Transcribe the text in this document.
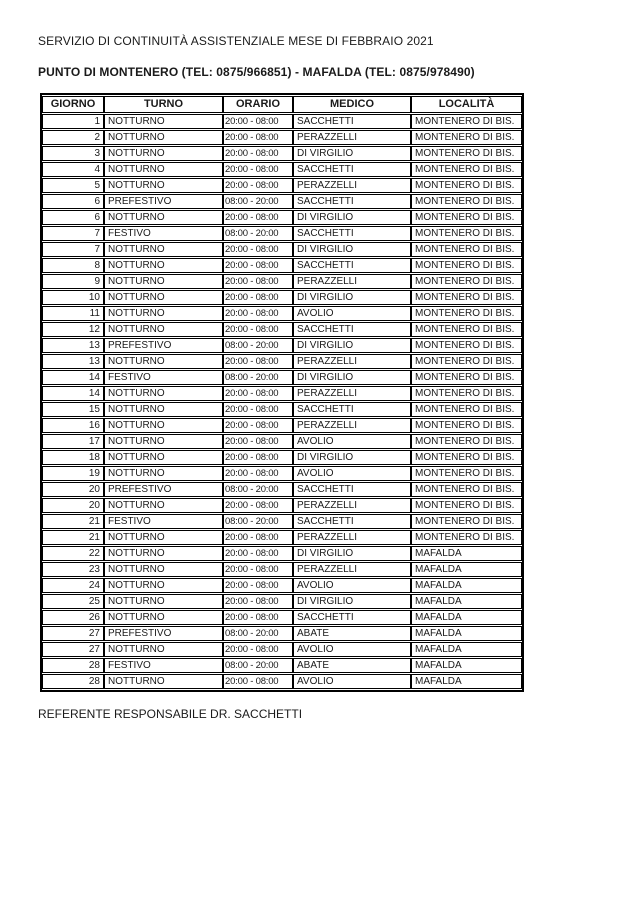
SERVIZIO DI CONTINUITÀ ASSISTENZIALE MESE DI FEBBRAIO 2021
PUNTO DI MONTENERO (TEL: 0875/966851) - MAFALDA (TEL: 0875/978490)
GIORNO	TURNO	ORARIO	MEDICO	LOCALITÀ
1	NOTTURNO	20:00 - 08:00	SACCHETTI	MONTENERO DI BIS.
2	NOTTURNO	20:00 - 08:00	PERAZZELLI	MONTENERO DI BIS.
3	NOTTURNO	20:00 - 08:00	DI VIRGILIO	MONTENERO DI BIS.
4	NOTTURNO	20:00 - 08:00	SACCHETTI	MONTENERO DI BIS.
5	NOTTURNO	20:00 - 08:00	PERAZZELLI	MONTENERO DI BIS.
6	PREFESTIVO	08:00 - 20:00	SACCHETTI	MONTENERO DI BIS.
6	NOTTURNO	20:00 - 08:00	DI VIRGILIO	MONTENERO DI BIS.
7	FESTIVO	08:00 - 20:00	SACCHETTI	MONTENERO DI BIS.
7	NOTTURNO	20:00 - 08:00	DI VIRGILIO	MONTENERO DI BIS.
8	NOTTURNO	20:00 - 08:00	SACCHETTI	MONTENERO DI BIS.
9	NOTTURNO	20:00 - 08:00	PERAZZELLI	MONTENERO DI BIS.
10	NOTTURNO	20:00 - 08:00	DI VIRGILIO	MONTENERO DI BIS.
11	NOTTURNO	20:00 - 08:00	AVOLIO	MONTENERO DI BIS.
12	NOTTURNO	20:00 - 08:00	SACCHETTI	MONTENERO DI BIS.
13	PREFESTIVO	08:00 - 20:00	DI VIRGILIO	MONTENERO DI BIS.
13	NOTTURNO	20:00 - 08:00	PERAZZELLI	MONTENERO DI BIS.
14	FESTIVO	08:00 - 20:00	DI VIRGILIO	MONTENERO DI BIS.
14	NOTTURNO	20:00 - 08:00	PERAZZELLI	MONTENERO DI BIS.
15	NOTTURNO	20:00 - 08:00	SACCHETTI	MONTENERO DI BIS.
16	NOTTURNO	20:00 - 08:00	PERAZZELLI	MONTENERO DI BIS.
17	NOTTURNO	20:00 - 08:00	AVOLIO	MONTENERO DI BIS.
18	NOTTURNO	20:00 - 08:00	DI VIRGILIO	MONTENERO DI BIS.
19	NOTTURNO	20:00 - 08:00	AVOLIO	MONTENERO DI BIS.
20	PREFESTIVO	08:00 - 20:00	SACCHETTI	MONTENERO DI BIS.
20	NOTTURNO	20:00 - 08:00	PERAZZELLI	MONTENERO DI BIS.
21	FESTIVO	08:00 - 20:00	SACCHETTI	MONTENERO DI BIS.
21	NOTTURNO	20:00 - 08:00	PERAZZELLI	MONTENERO DI BIS.
22	NOTTURNO	20:00 - 08:00	DI VIRGILIO	MAFALDA
23	NOTTURNO	20:00 - 08:00	PERAZZELLI	MAFALDA
24	NOTTURNO	20:00 - 08:00	AVOLIO	MAFALDA
25	NOTTURNO	20:00 - 08:00	DI VIRGILIO	MAFALDA
26	NOTTURNO	20:00 - 08:00	SACCHETTI	MAFALDA
27	PREFESTIVO	08:00 - 20:00	ABATE	MAFALDA
27	NOTTURNO	20:00 - 08:00	AVOLIO	MAFALDA
28	FESTIVO	08:00 - 20:00	ABATE	MAFALDA
28	NOTTURNO	20:00 - 08:00	AVOLIO	MAFALDA
REFERENTE RESPONSABILE DR. SACCHETTI
